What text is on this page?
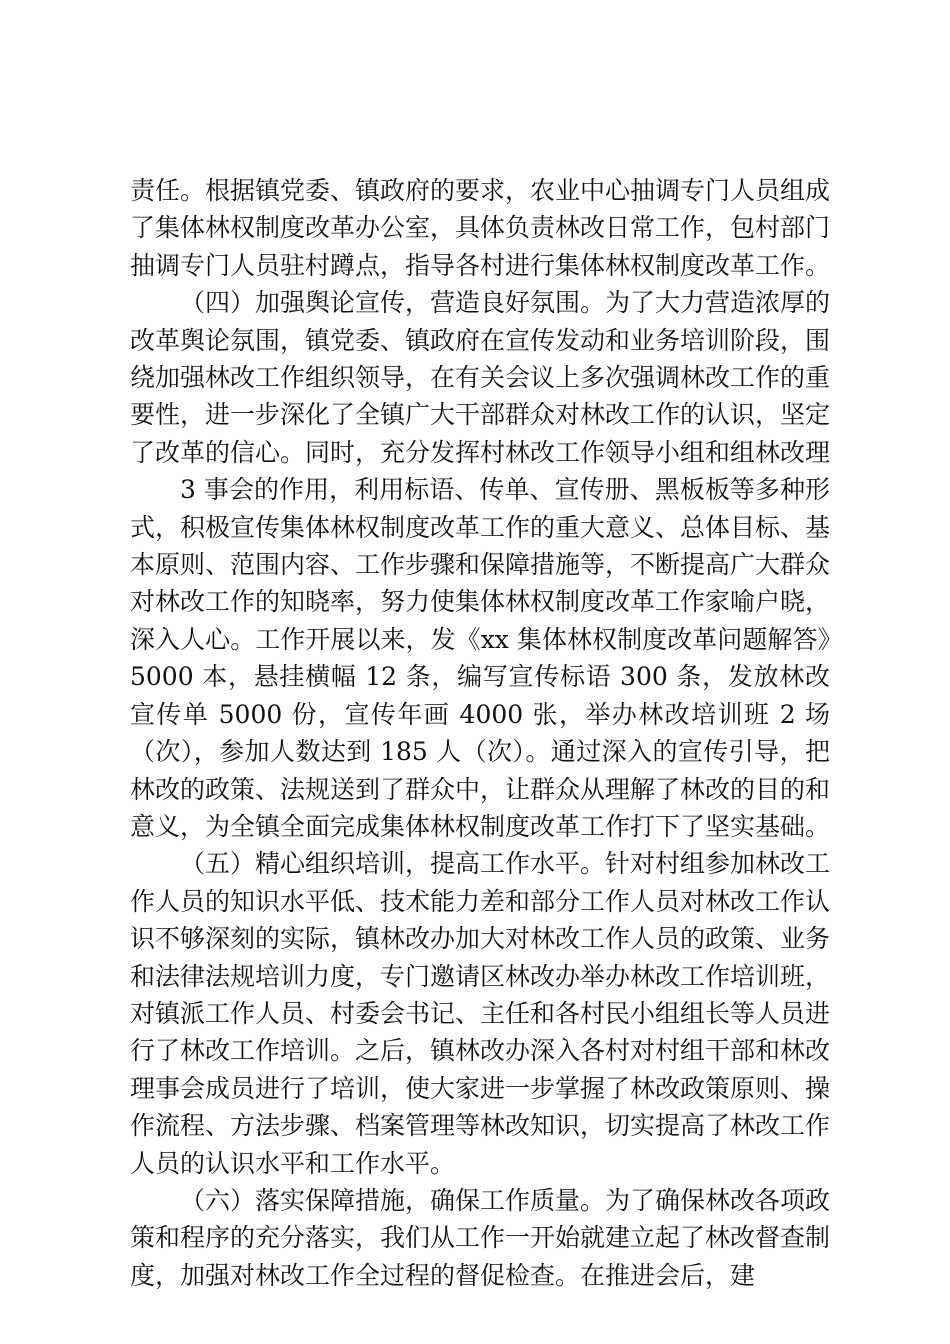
责任。根据镇党委、镇政府的要求，农业中心抽调专门人员组成了集体林权制度改革办公室，具体负责林改日常工作，包村部门抽调专门人员驻村蹲点，指导各村进行集体林权制度改革工作。

（四）加强舆论宣传，营造良好氛围。为了大力营造浓厚的改革舆论氛围，镇党委、镇政府在宣传发动和业务培训阶段，围绕加强林改工作组织领导，在有关会议上多次强调林改工作的重要性，进一步深化了全镇广大干部群众对林改工作的认识，坚定了改革的信心。同时，充分发挥村林改工作领导小组和组林改理

3 事会的作用，利用标语、传单、宣传册、黑板板等多种形式，积极宣传集体林权制度改革工作的重大意义、总体目标、基本原则、范围内容、工作步骤和保障措施等，不断提高广大群众对林改工作的知晓率，努力使集体林权制度改革工作家喻户晓，深入人心。工作开展以来，发《xx 集体林权制度改革问题解答》5000 本，悬挂横幅 12 条，编写宣传标语 300 条，发放林改宣传单 5000 份，宣传年画 4000 张，举办林改培训班 2 场（次），参加人数达到 185 人（次）。通过深入的宣传引导，把林改的政策、法规送到了群众中，让群众从理解了林改的目的和意义，为全镇全面完成集体林权制度改革工作打下了坚实基础。

（五）精心组织培训，提高工作水平。针对村组参加林改工作人员的知识水平低、技术能力差和部分工作人员对林改工作认识不够深刻的实际，镇林改办加大对林改工作人员的政策、业务和法律法规培训力度，专门邀请区林改办举办林改工作培训班，对镇派工作人员、村委会书记、主任和各村民小组组长等人员进行了林改工作培训。之后，镇林改办深入各村对村组干部和林改理事会成员进行了培训，使大家进一步掌握了林改政策原则、操作流程、方法步骤、档案管理等林改知识，切实提高了林改工作人员的认识水平和工作水平。

（六）落实保障措施，确保工作质量。为了确保林改各项政策和程序的充分落实，我们从工作一开始就建立起了林改督查制度，加强对林改工作全过程的督促检查。在推进会后，建
